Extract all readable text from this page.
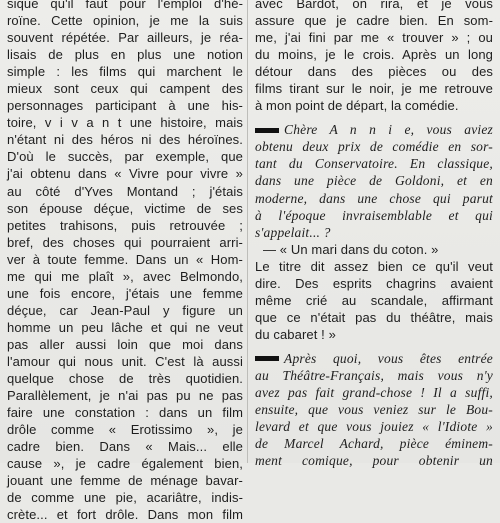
sique qu'il faut pour l'emploi d'hé-
roïne. Cette opinion, je me la suis
souvent répétée. Par ailleurs, je réa-
lisais de plus en plus une notion
simple : les films qui marchent le
mieux sont ceux qui campent des
personnages participant à une his-
toire, v i v a n t une histoire, mais
n'étant ni des héros ni des héroïnes.
D'où le succès, par exemple, que
j'ai obtenu dans « Vivre pour vivre »
au côté d'Yves Montand ; j'étais
son épouse déçue, victime de ses
petites trahisons, puis retrouvée ;
bref, des choses qui pourraient arri-
ver à toute femme. Dans un « Hom-
me qui me plaît », avec Belmondo,
une fois encore, j'étais une femme
déçue, car Jean-Paul y figure un
homme un peu lâche et qui ne veut
pas aller aussi loin que moi dans
l'amour qui nous unit. C'est là aussi
quelque chose de très quotidien.
Parallèlement, je n'ai pas pu ne pas
faire une constation : dans un film
drôle comme « Erotissimo », je
cadre bien. Dans « Mais... elle
cause », je cadre également bien,
jouant une femme de ménage bavar-
de comme une pie, acariâtre, indis-
crète... et fort drôle. Dans mon film
avec Bardot, on rira, et je vous
assure que je cadre bien. En som-
me, j'ai fini par me « trouver » ; ou
du moins, je le crois. Après un long
détour dans des pièces ou des
films tirant sur le noir, je me retrouve
à mon point de départ, la comédie.
Chère A n n i e, vous aviez
obtenu deux prix de comédie en sor-
tant du Conservatoire. En classique,
dans une pièce de Goldoni, et en
moderne, dans une chose qui parut
à l'époque invraisemblable et qui
s'appelait... ?
— « Un mari dans du coton. »
Le titre dit assez bien ce qu'il veut
dire. Des esprits chagrins avaient
même crié au scandale, affirmant
que ce n'était pas du théâtre, mais
du cabaret ! »
Après quoi, vous êtes entrée
au Théâtre-Français, mais vous n'y
avez pas fait grand-chose ! Il a suffi,
ensuite, que vous veniez sur le Bou-
levard et que vous jouiez « l'Idiote »
de Marcel Achard, pièce éminem-
ment comique, pour obtenir un
